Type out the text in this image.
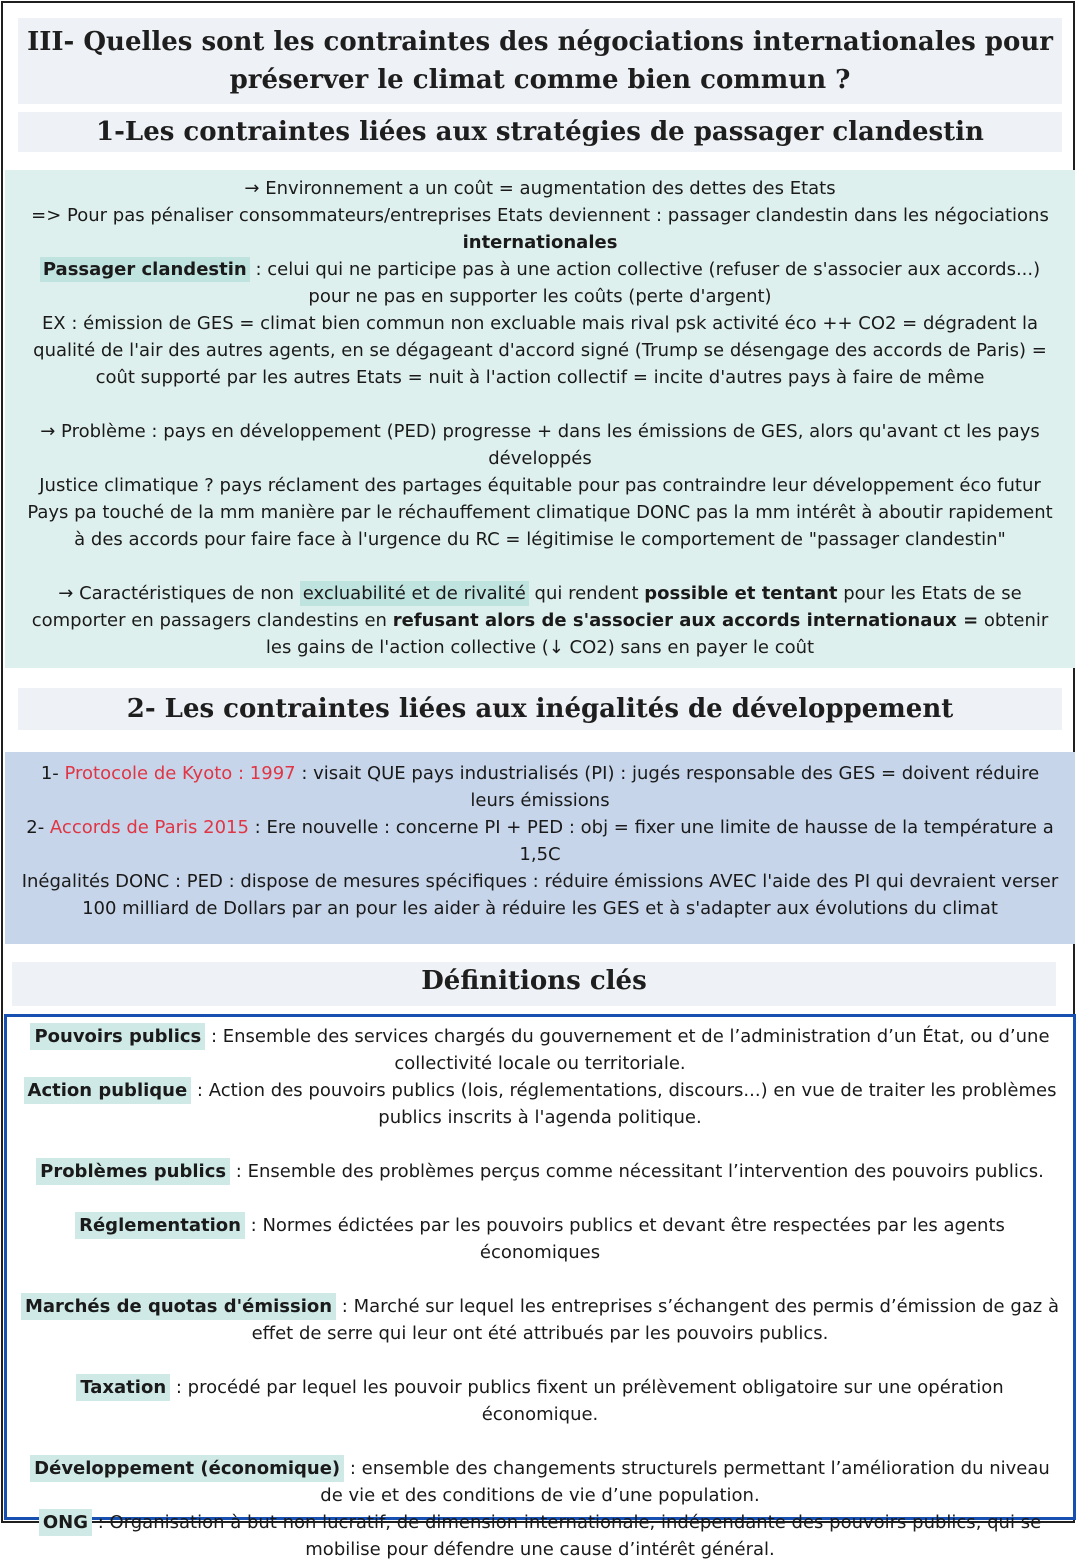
III- Quelles sont les contraintes des négociations internationales pour préserver le climat comme bien commun ?
1-Les contraintes liées aux stratégies de passager clandestin

→ Environnement a un coût = augmentation des dettes des Etats

=> Pour pas pénaliser consommateurs/entreprises Etats deviennent : passager clandestin dans les négociations internationales

Passager clandestin : celui qui ne participe pas à une action collective (refuser de s'associer aux accords...) pour ne pas en supporter les coûts (perte d'argent)

EX : émission de GES = climat bien commun non excluable mais rival psk activité éco ++ CO2 = dégradent la qualité de l'air des autres agents, en se dégageant d'accord signé (Trump se désengage des accords de Paris) = coût supporté par les autres Etats = nuit à l'action collectif = incite d'autres pays à faire de même

→ Problème : pays en développement (PED) progresse + dans les émissions de GES, alors qu'avant ct les pays développés

Justice climatique ? pays réclament des partages équitable pour pas contraindre leur développement éco futur

Pays pa touché de la mm manière par le réchauffement climatique DONC pas la mm intérêt à aboutir rapidement à des accords pour faire face à l'urgence du RC = légitimise le comportement de "passager clandestin"

→ Caractéristiques de non excluabilité et de rivalité qui rendent possible et tentant pour les Etats de se comporter en passagers clandestins en refusant alors de s'associer aux accords internationaux = obtenir les gains de l'action collective (↓ CO2) sans en payer le coût

2- Les contraintes liées aux inégalités de développement

1- Protocole de Kyoto : 1997 : visait QUE pays industrialisés (PI) : jugés responsable des GES = doivent réduire leurs émissions

2- Accords de Paris 2015 : Ere nouvelle : concerne PI + PED : obj = fixer une limite de hausse de la température a 1,5C

Inégalités DONC : PED : dispose de mesures spécifiques : réduire émissions AVEC l'aide des PI qui devraient verser 100 milliard de Dollars par an pour les aider à réduire les GES et à s'adapter aux évolutions du climat

Définitions clés

Pouvoirs publics : Ensemble des services chargés du gouvernement et de l’administration d’un État, ou d’une collectivité locale ou territoriale.

Action publique : Action des pouvoirs publics (lois, réglementations, discours...) en vue de traiter les problèmes publics inscrits à l'agenda politique.

Problèmes publics : Ensemble des problèmes perçus comme nécessitant l’intervention des pouvoirs publics.

Réglementation : Normes édictées par les pouvoirs publics et devant être respectées par les agents économiques

Marchés de quotas d'émission : Marché sur lequel les entreprises s’échangent des permis d’émission de gaz à effet de serre qui leur ont été attribués par les pouvoirs publics.

Taxation : procédé par lequel les pouvoir publics fixent un prélèvement obligatoire sur une opération économique.

Développement (économique) : ensemble des changements structurels permettant l’amélioration du niveau de vie et des conditions de vie d’une population.

ONG : Organisation à but non lucratif, de dimension internationale, indépendante des pouvoirs publics, qui se mobilise pour défendre une cause d’intérêt général.
